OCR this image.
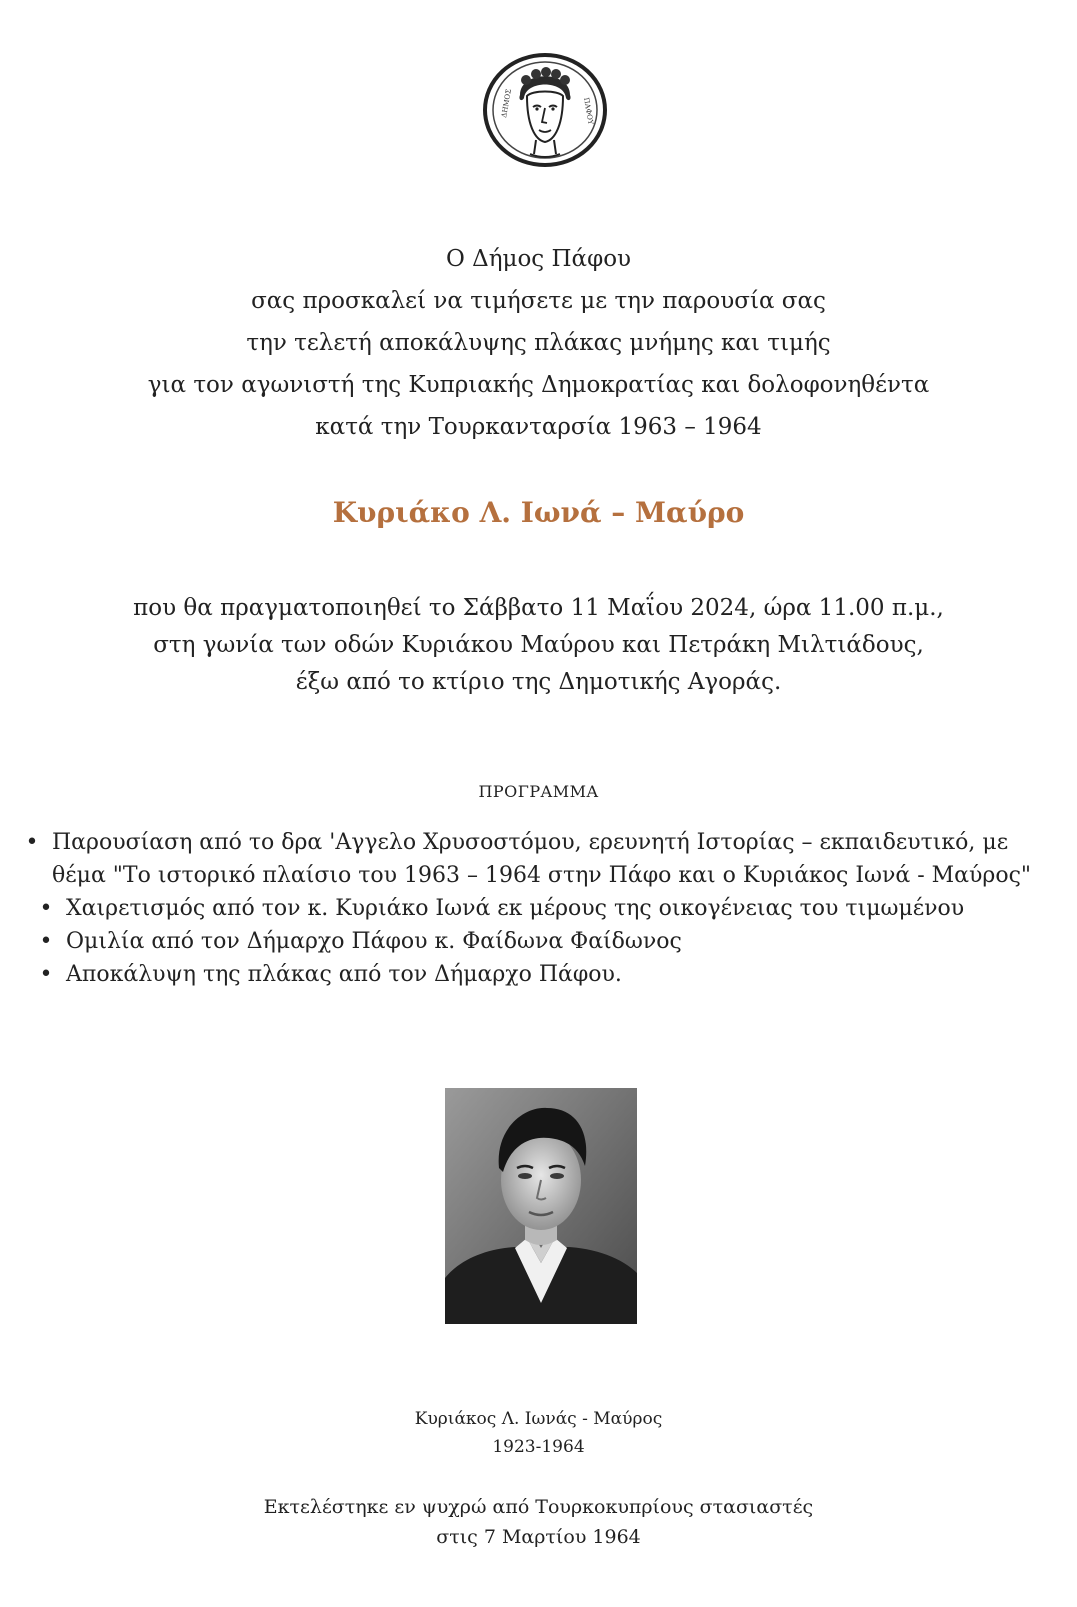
ΔΗΜΟΣ	ΠΑΦΟΥ
Ο Δήμος Πάφου
σας προσκαλεί να τιμήσετε με την παρουσία σας
την τελετή αποκάλυψης πλάκας μνήμης και τιμής
για τον αγωνιστή της Κυπριακής Δημοκρατίας και δολοφονηθέντα
κατά την Τουρκανταρσία 1963 – 1964
Κυριάκο Λ. Ιωνά – Μαύρο
που θα πραγματοποιηθεί το Σάββατο 11 Μαΐου 2024, ώρα 11.00 π.μ.,
στη γωνία των οδών Κυριάκου Μαύρου και Πετράκη Μιλτιάδους,
έξω από το κτίριο της Δημοτικής Αγοράς.
ΠΡΟΓΡΑΜΜΑ
• Παρουσίαση από το δρα 'Αγγελο Χρυσοστόμου, ερευνητή Ιστορίας – εκπαιδευτικό, με
θέμα "Το ιστορικό πλαίσιο του 1963 – 1964 στην Πάφο και ο Κυριάκος Ιωνά - Μαύρος"
• Χαιρετισμός από τον κ. Κυριάκο Ιωνά εκ μέρους της οικογένειας του τιμωμένου
• Ομιλία από τον Δήμαρχο Πάφου κ. Φαίδωνα Φαίδωνος
• Αποκάλυψη της πλάκας από τον Δήμαρχο Πάφου.
Κυριάκος Λ. Ιωνάς - Μαύρος
1923-1964
Εκτελέστηκε εν ψυχρώ από Τουρκοκυπρίους στασιαστές
στις 7 Μαρτίου 1964
